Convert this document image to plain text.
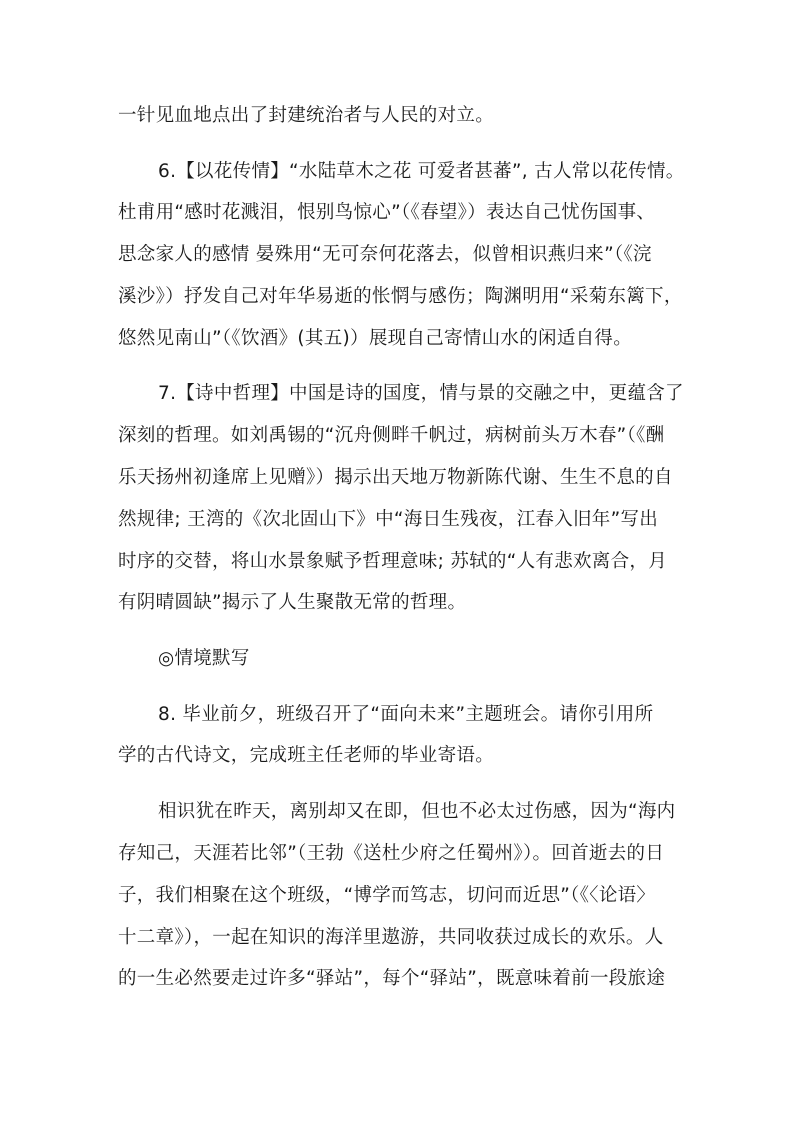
一针见血地点出了封建统治者与人民的对立。
6.【以花传情】“水陆草木之花 可爱者甚蕃”, 古人常以花传情。
杜甫用“感时花溅泪，恨别鸟惊心”（《春望》）表达自己忧伤国事、
思念家人的感情 晏殊用“无可奈何花落去，似曾相识燕归来”（《浣
溪沙》）抒发自己对年华易逝的怅惘与感伤；陶渊明用“采菊东篱下，
悠然见南山”（《饮酒》(其五)）展现自己寄情山水的闲适自得。
7.【诗中哲理】中国是诗的国度，情与景的交融之中，更蕴含了
深刻的哲理。如刘禹锡的“沉舟侧畔千帆过，病树前头万木春”（《酬
乐天扬州初逢席上见赠》）揭示出天地万物新陈代谢、生生不息的自
然规律; 王湾的《次北固山下》中“海日生残夜，江春入旧年”写出
时序的交替，将山水景象赋予哲理意味; 苏轼的“人有悲欢离合，月
有阴晴圆缺”揭示了人生聚散无常的哲理。
◎情境默写
8. 毕业前夕，班级召开了“面向未来”主题班会。请你引用所
学的古代诗文，完成班主任老师的毕业寄语。
相识犹在昨天，离别却又在即，但也不必太过伤感，因为“海内
存知己，天涯若比邻”（王勃《送杜少府之任蜀州》）。回首逝去的日
子，我们相聚在这个班级，“博学而笃志，切问而近思”（《〈论语〉
十二章》），一起在知识的海洋里遨游，共同收获过成长的欢乐。人
的一生必然要走过许多“驿站”，每个“驿站”，既意味着前一段旅途
